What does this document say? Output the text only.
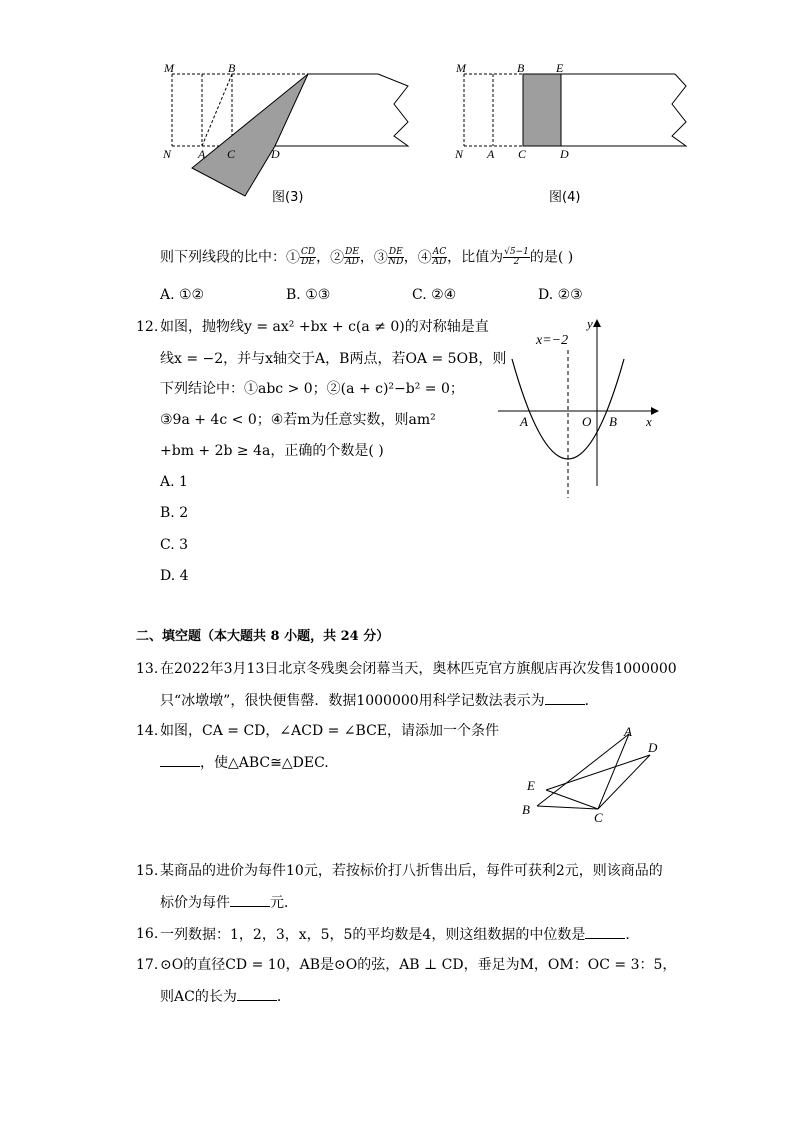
M	B
N A C	D
图(3)
M	B	E
N A C	D
图(4)
则下列线段的比中：① $\frac{CD}{DE}$ ，② $\frac{DE}{AD}$ ，③ $\frac{DE}{ND}$ ，④ $\frac{AC}{AD}$ ，比值为 $\frac{√5-1}{2}$ 的是( )
A. ①②	B. ①③	C. ②④	D. ②③
12. 如图，抛物线y = ax² +bx + c(a ≠ 0)的对称轴是直
线x = −2，并与x轴交于A，B两点，若OA = 5OB，则
下列结论中：①abc > 0；②(a + c)²−b² = 0；
③9a + 4c < 0；④若m为任意实数，则am²
+bm + 2b ≥ 4a，正确的个数是( )
A. 1
B. 2
C. 3
D. 4
x=−2
y
x
O
A	B
二、填空题（本大题共 8 小题，共 24 分）
13. 在2022年3月13日北京冬残奥会闭幕当天，奥林匹克官方旗舰店再次发售1000000
只“冰墩墩”，很快便售罄．数据1000000用科学记数法表示为	．
14. 如图，CA = CD，∠ACD = ∠BCE，请添加一个条件
，使△ABC≅△DEC.
A
D
E
B
C
15. 某商品的进价为每件10元，若按标价打八折售出后，每件可获利2元，则该商品的
标价为每件	元．
16. 一列数据：1，2，3，x，5，5的平均数是4，则这组数据的中位数是	．
17. ⊙O的直径CD = 10，AB是⊙O的弦，AB ⊥ CD，垂足为M，OM：OC = 3：5，
则AC的长为	．
